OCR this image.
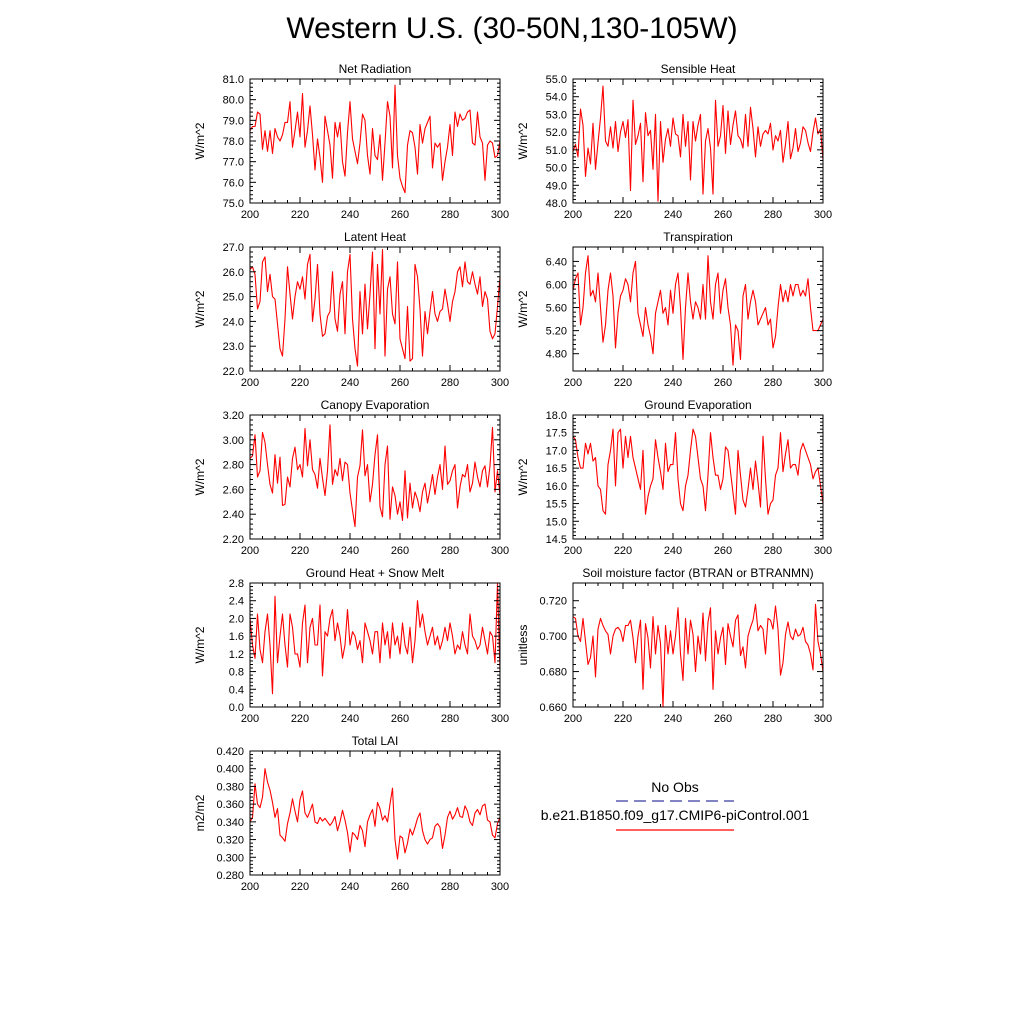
Western U.S. (30-50N,130-105W)
Net Radiation
W/m^2
200	220	240	260	280	300
75.0
76.0
77.0
78.0
79.0
80.0
81.0
Sensible Heat
W/m^2
200	220	240	260	280	300
48.0
49.0
50.0
51.0
52.0
53.0
54.0
55.0
Latent Heat
W/m^2
200	220	240	260	280	300
22.0
23.0
24.0
25.0
26.0
27.0
Transpiration
W/m^2
200	220	240	260	280	300
4.80
5.20
5.60
6.00
6.40
Canopy Evaporation
W/m^2
200	220	240	260	280	300
2.20
2.40
2.60
2.80
3.00
3.20
Ground Evaporation
W/m^2
200	220	240	260	280	300
14.5
15.0
15.5
16.0
16.5
17.0
17.5
18.0
Ground Heat + Snow Melt
W/m^2
200	220	240	260	280	300
0.0
0.4
0.8
1.2
1.6
2.0
2.4
2.8
Soil moisture factor (BTRAN or BTRANMN)
unitless
200	220	240	260	280	300
0.660
0.680
0.700
0.720
Total LAI
m2/m2
200	220	240	260	280	300
0.280
0.300
0.320
0.340
0.360
0.380
0.400
0.420
No Obs
b.e21.B1850.f09_g17.CMIP6-piControl.001
